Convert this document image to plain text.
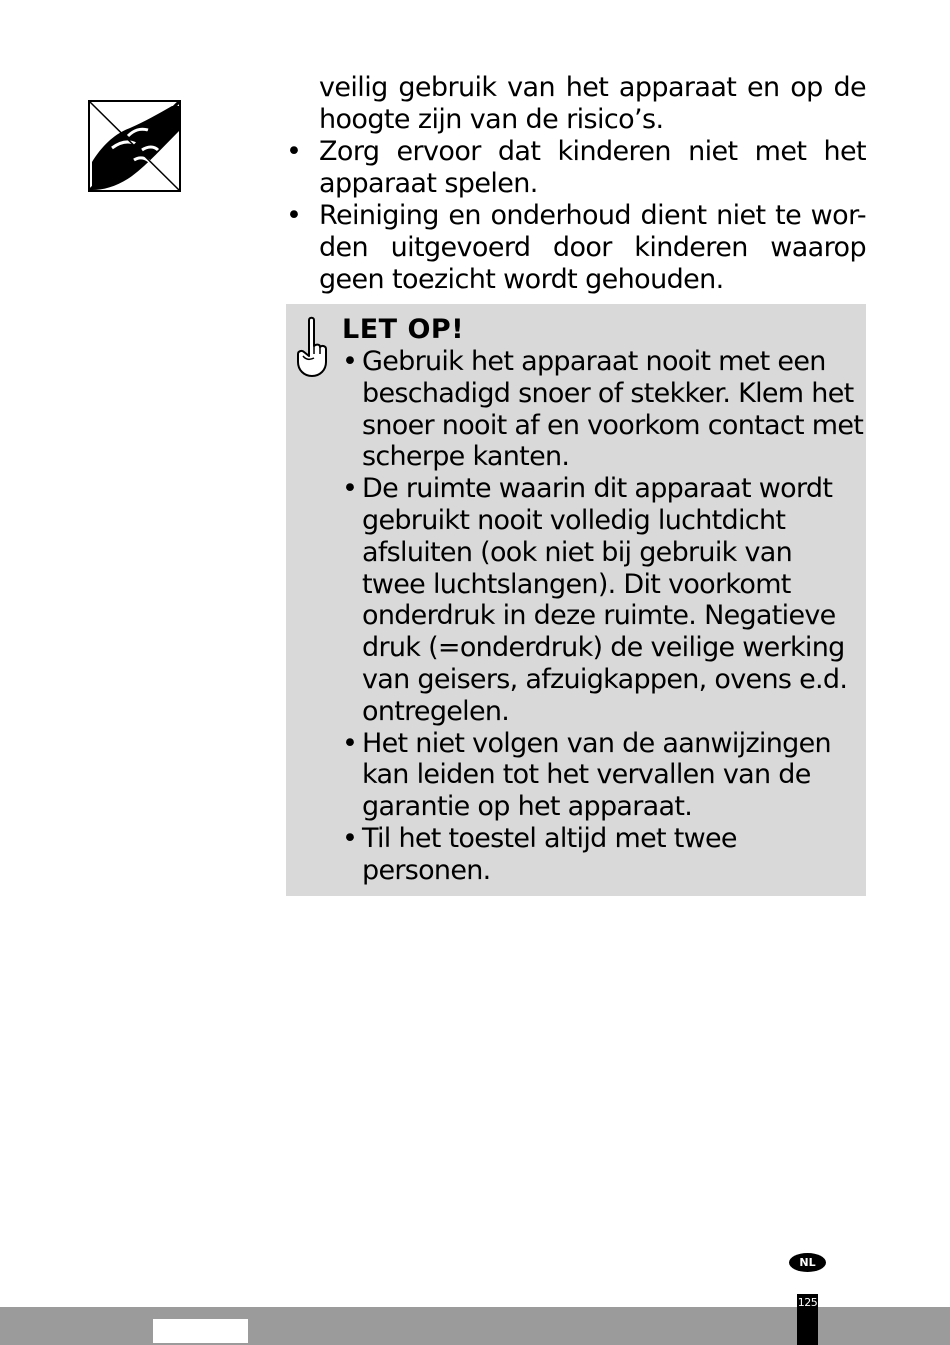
veilig gebruik van het apparaat en op de
hoogte zijn van de risico’s.
• Zorg ervoor dat kinderen niet met het
apparaat spelen.
• Reiniging en onderhoud dient niet te wor-
den uitgevoerd door kinderen waarop
geen toezicht wordt gehouden.
LET OP!
• Gebruik het apparaat nooit met een
beschadigd snoer of stekker. Klem het
snoer nooit af en voorkom contact met
scherpe kanten.
• De ruimte waarin dit apparaat wordt
gebruikt nooit volledig luchtdicht
afsluiten (ook niet bij gebruik van
twee luchtslangen). Dit voorkomt
onderdruk in deze ruimte. Negatieve
druk (=onderdruk) de veilige werking
van geisers, afzuigkappen, ovens e.d.
ontregelen.
• Het niet volgen van de aanwijzingen
kan leiden tot het vervallen van de
garantie op het apparaat.
• Til het toestel altijd met twee
personen.
NL
125
